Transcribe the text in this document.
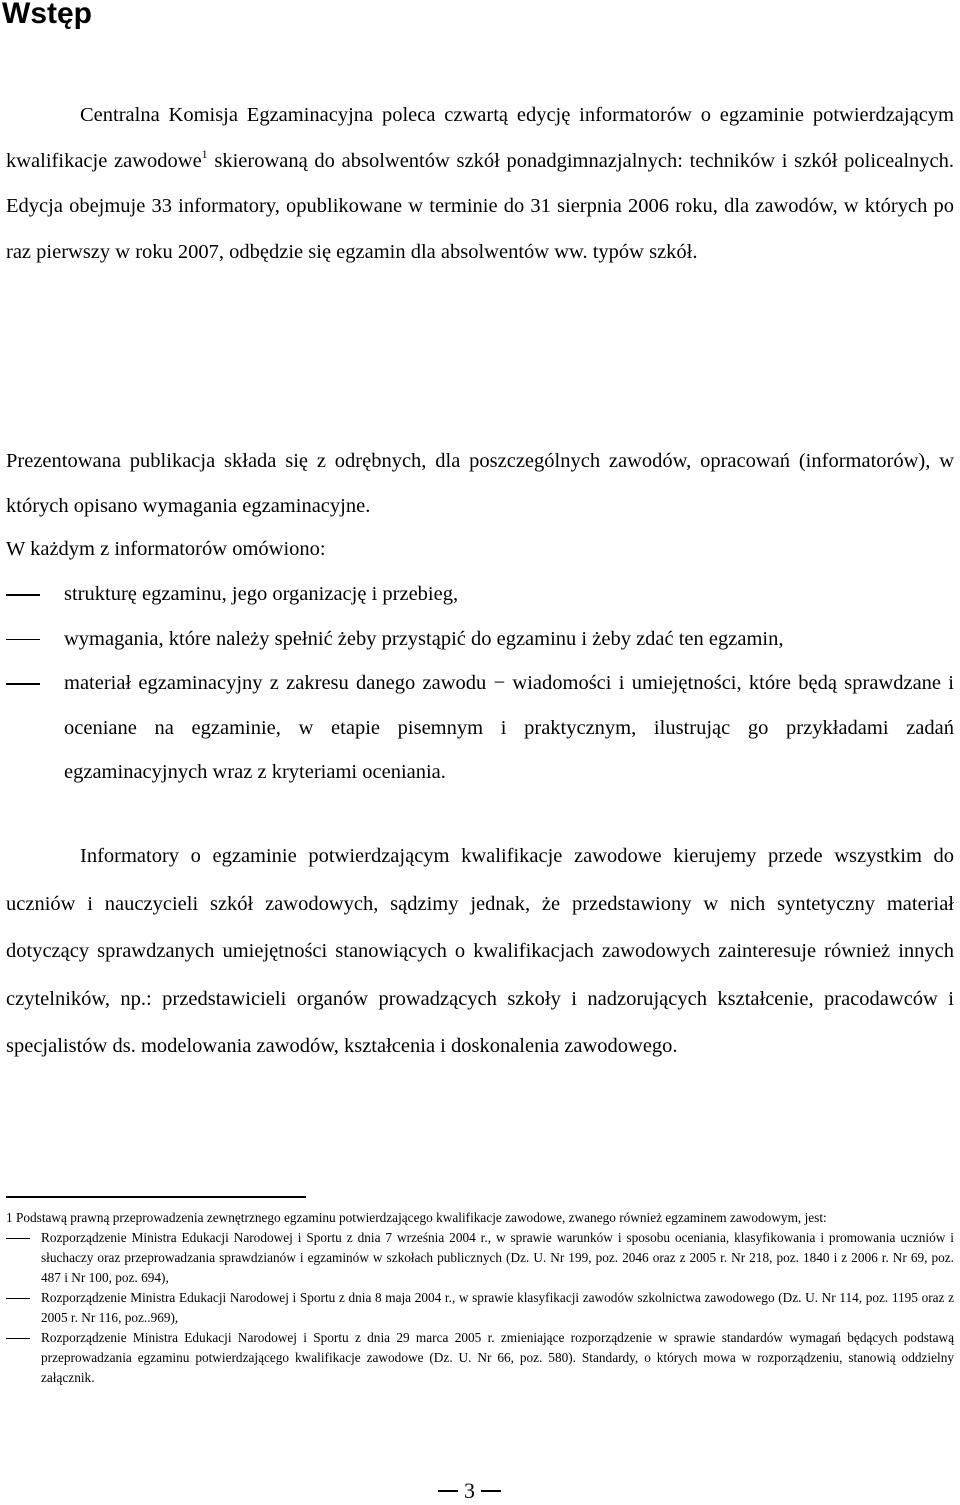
Wstęp

Centralna Komisja Egzaminacyjna poleca czwartą edycję informatorów o egzaminie potwierdzającym kwalifikacje zawodowe$^1$ skierowaną do absolwentów szkół ponadgimnazjalnych: techników i szkół policealnych. Edycja obejmuje 33 informatory, opublikowane w terminie do 31 sierpnia 2006 roku, dla zawodów, w których po raz pierwszy w roku 2007, odbędzie się egzamin dla absolwentów ww. typów szkół.

Prezentowana publikacja składa się z odrębnych, dla poszczególnych zawodów, opracowań (informatorów), w których opisano wymagania egzaminacyjne.

W każdym z informatorów omówiono:

strukturę egzaminu, jego organizację i przebieg,
wymagania, które należy spełnić żeby przystąpić do egzaminu i żeby zdać ten egzamin,
materiał egzaminacyjny z zakresu danego zawodu − wiadomości i umiejętności, które będą sprawdzane i oceniane na egzaminie, w etapie pisemnym i praktycznym, ilustrując go przykładami zadań egzaminacyjnych wraz z kryteriami oceniania.

Informatory o egzaminie potwierdzającym kwalifikacje zawodowe kierujemy przede wszystkim do uczniów i nauczycieli szkół zawodowych, sądzimy jednak, że przedstawiony w nich syntetyczny materiał dotyczący sprawdzanych umiejętności stanowiących o kwalifikacjach zawodowych zainteresuje również innych czytelników, np.: przedstawicieli organów prowadzących szkoły i nadzorujących kształcenie, pracodawców i specjalistów ds. modelowania zawodów, kształcenia i doskonalenia zawodowego.

1 Podstawą prawną przeprowadzenia zewnętrznego egzaminu potwierdzającego kwalifikacje zawodowe, zwanego również egzaminem zawodowym, jest:

Rozporządzenie Ministra Edukacji Narodowej i Sportu z dnia 7 września 2004 r., w sprawie warunków i sposobu oceniania, klasyfikowania i promowania uczniów i słuchaczy oraz przeprowadzania sprawdzianów i egzaminów w szkołach publicznych (Dz. U. Nr 199, poz. 2046 oraz z 2005 r. Nr 218, poz. 1840 i z 2006 r. Nr 69, poz. 487 i Nr 100, poz. 694),
Rozporządzenie Ministra Edukacji Narodowej i Sportu z dnia 8 maja 2004 r., w sprawie klasyfikacji zawodów szkolnictwa zawodowego (Dz. U. Nr 114, poz. 1195 oraz z 2005 r. Nr 116, poz..969),
Rozporządzenie Ministra Edukacji Narodowej i Sportu z dnia 29 marca 2005 r. zmieniające rozporządzenie w sprawie standardów wymagań będących podstawą przeprowadzania egzaminu potwierdzającego kwalifikacje zawodowe (Dz. U. Nr 66, poz. 580). Standardy, o których mowa w rozporządzeniu, stanowią oddzielny załącznik.
3
